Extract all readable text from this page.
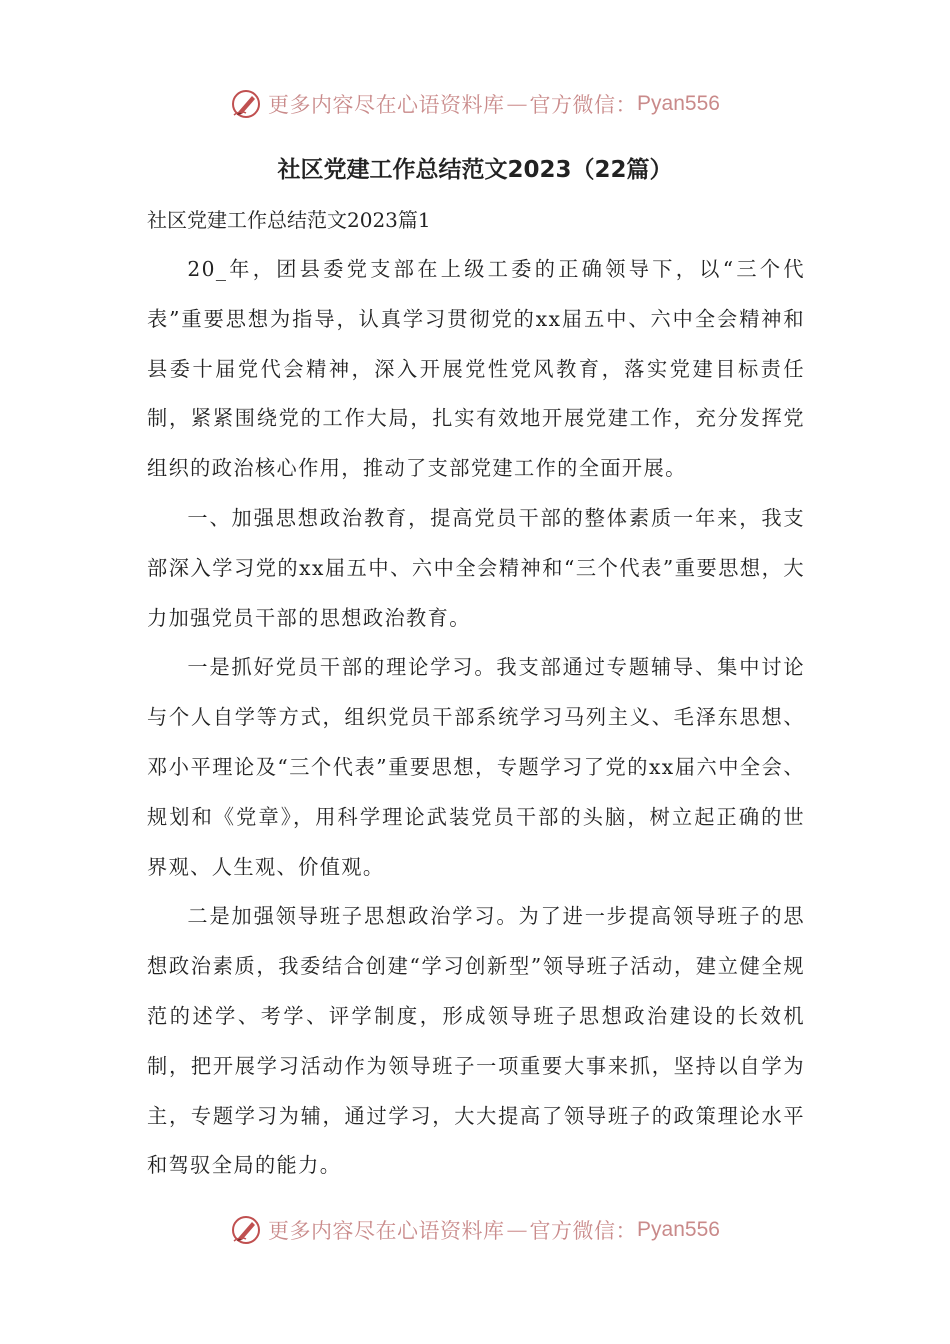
更多内容尽在心语资料库 — 官方微信： Pyan556
社区党建工作总结范文2023（22篇）
社区党建工作总结范文2023篇1

20_年，团县委党支部在上级工委的正确领导下，以“三个代表”重要思想为指导，认真学习贯彻党的xx届五中、六中全会精神和县委十届党代会精神，深入开展党性党风教育，落实党建目标责任制，紧紧围绕党的工作大局，扎实有效地开展党建工作，充分发挥党组织的政治核心作用，推动了支部党建工作的全面开展。

一、加强思想政治教育，提高党员干部的整体素质一年来，我支部深入学习党的xx届五中、六中全会精神和“三个代表”重要思想，大力加强党员干部的思想政治教育。

一是抓好党员干部的理论学习。我支部通过专题辅导、集中讨论与个人自学等方式，组织党员干部系统学习马列主义、毛泽东思想、邓小平理论及“三个代表”重要思想，专题学习了党的xx届六中全会、规划和《党章》，用科学理论武装党员干部的头脑，树立起正确的世界观、人生观、价值观。

二是加强领导班子思想政治学习。为了进一步提高领导班子的思想政治素质，我委结合创建“学习创新型”领导班子活动，建立健全规范的述学、考学、评学制度，形成领导班子思想政治建设的长效机制，把开展学习活动作为领导班子一项重要大事来抓，坚持以自学为主，专题学习为辅，通过学习，大大提高了领导班子的政策理论水平和驾驭全局的能力。

更多内容尽在心语资料库 — 官方微信： Pyan556
